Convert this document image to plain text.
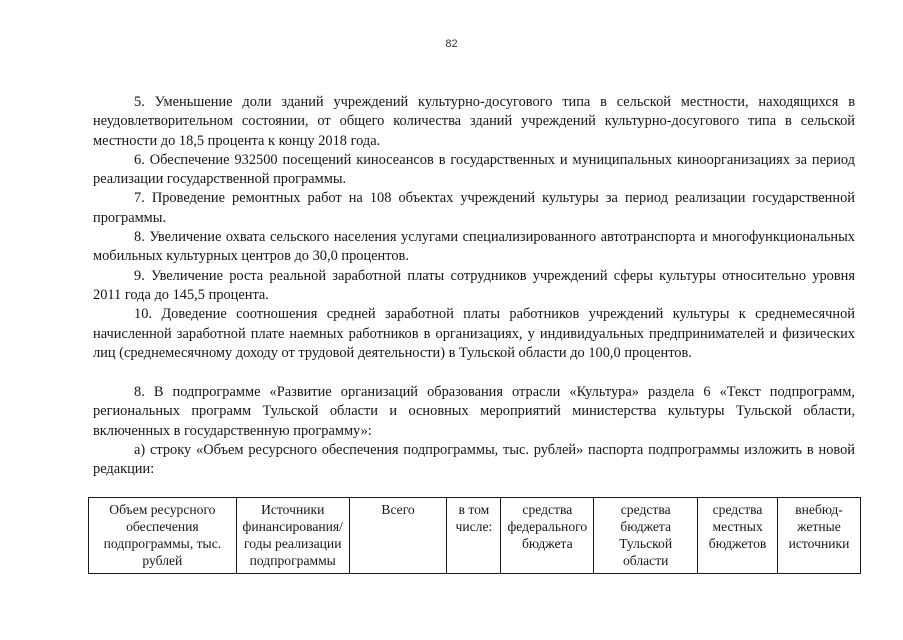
82

5. Уменьшение доли зданий учреждений культурно-досугового типа в сельской местности, находящихся в неудовлетворительном состоянии, от общего количества зданий учреждений культурно-досугового типа в сельской местности до 18,5 процента к концу 2018 года.

6. Обеспечение 932500 посещений киносеансов в государственных и муниципальных киноорганизациях за период реализации государственной программы.

7. Проведение ремонтных работ на 108 объектах учреждений культуры за период реализации государственной программы.

8. Увеличение охвата сельского населения услугами специализированного автотранспорта и многофункциональных мобильных культурных центров до 30,0 процентов.

9. Увеличение роста реальной заработной платы сотрудников учреждений сферы культуры относительно уровня 2011 года до 145,5 процента.

10. Доведение соотношения средней заработной платы работников учреждений культуры к среднемесячной начисленной заработной плате наемных работников в организациях, у индивидуальных предпринимателей и физических лиц (среднемесячному доходу от трудовой деятельности) в Тульской области до 100,0 процентов.

8. В подпрограмме «Развитие организаций образования отрасли «Культура» раздела 6 «Текст подпрограмм, региональных программ Тульской области и основных мероприятий министерства культуры Тульской области, включенных в государственную программу»:

а) строку «Объем ресурсного обеспечения подпрограммы, тыс. рублей» паспорта подпрограммы изложить в новой редакции:

Объем ресурсного обеспечения подпрограммы, тыс. рублей	Источники финансирования/ годы реализации подпрограммы	Всего	в том числе:	средства федерального бюджета	средства бюджета Тульской области	средства местных бюджетов	внебюд-жетные источники
